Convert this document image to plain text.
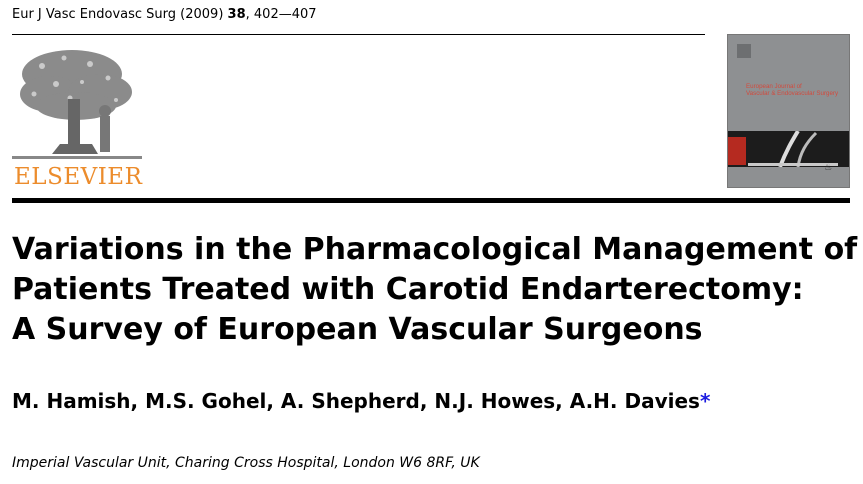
Eur J Vasc Endovasc Surg (2009) 38, 402—407
ELSEVIER
European Journal of
Vascular & Endovascular Surgery
♨
Variations in the Pharmacological Management of
Patients Treated with Carotid Endarterectomy:
A Survey of European Vascular Surgeons
M. Hamish, M.S. Gohel, A. Shepherd, N.J. Howes, A.H. Davies*
Imperial Vascular Unit, Charing Cross Hospital, London W6 8RF, UK
